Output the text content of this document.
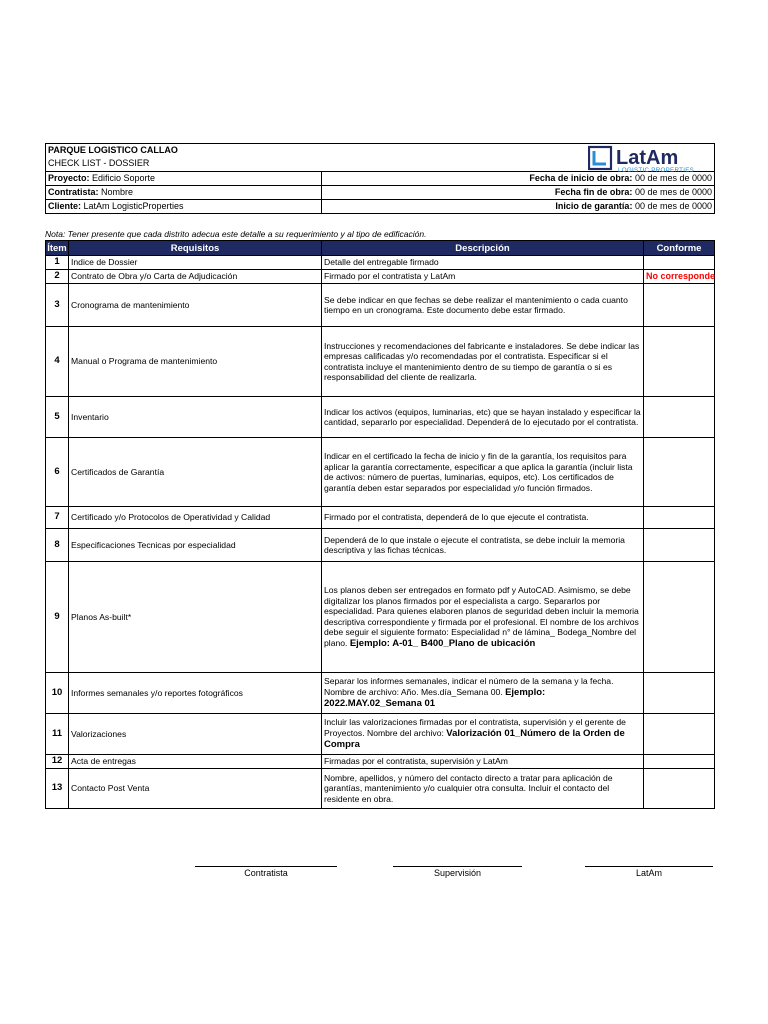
PARQUE LOGISTICO CALLAO	
CHECK LIST - DOSSIER	
Proyecto: Edificio Soporte	Fecha de inicio de obra: 00 de mes de 0000
Contratista: Nombre	Fecha fin de obra: 00 de mes de 0000
Cliente: LatAm LogisticProperties	Inicio de garantía: 00 de mes de 0000
LatAm
LOGISTIC PROPERTIES
Nota: Tener presente que cada distrito adecua este detalle a su requerimiento y al tipo de edificación.
Ítem	Requisitos	Descripción	Conforme
1	Indice de Dossier	Detalle del entregable firmado	
2	Contrato de Obra y/o Carta de Adjudicación	Firmado por el contratista y LatAm	No corresponde
3	Cronograma de mantenimiento	Se debe indicar en que fechas se debe realizar el mantenimiento o cada cuanto tiempo en un cronograma. Este documento debe estar firmado.	
4	Manual o Programa de mantenimiento	Instrucciones y recomendaciones del fabricante e instaladores. Se debe indicar las empresas calificadas y/o recomendadas por el contratista. Especificar si el contratista incluye el mantenimiento dentro de su tiempo de garantía o si es responsabilidad del cliente de realizarla.	
5	Inventario	Indicar los activos (equipos, luminarias, etc) que se hayan instalado y especificar la cantidad, separarlo por especialidad. Dependerá de lo ejecutado por el contratista.	
6	Certificados de Garantía	Indicar en el certificado la fecha de inicio y fin de la garantía, los requisitos para aplicar la garantía correctamente, especificar a que aplica la garantía (incluir lista de activos: número de puertas, luminarias, equipos, etc). Los certificados de garantía deben estar separados por especialidad y/o función firmados.	
7	Certificado y/o Protocolos de Operatividad y Calidad	Firmado por el contratista, dependerá de lo que ejecute el contratista.	
8	Especificaciones Tecnicas por especialidad	Dependerá de lo que instale o ejecute el contratista, se debe incluir la memoria descriptiva y las fichas técnicas.	
9	Planos As-built*	Los planos deben ser entregados en formato pdf y AutoCAD. Asimismo, se debe digitalizar los planos firmados por el especialista a cargo. Separarlos por especialidad. Para quienes elaboren planos de seguridad deben incluir la memoria descriptiva correspondiente y firmada por el profesional. El nombre de los archivos debe seguir el siguiente formato: Especialidad n° de lámina_ Bodega_Nombre del plano. Ejemplo: A-01_ B400_Plano de ubicación	
10	Informes semanales y/o reportes fotográficos	Separar los informes semanales, indicar el número de la semana y la fecha. Nombre de archivo: Año. Mes.día_Semana 00. Ejemplo: 2022.MAY.02_Semana 01	
11	Valorizaciones	Incluir las valorizaciones firmadas por el contratista, supervisión y el gerente de Proyectos. Nombre del archivo: Valorización 01_Número de la Orden de Compra	
12	Acta de entregas	Firmadas por el contratista, supervisión y LatAm	
13	Contacto Post Venta	Nombre, apellidos, y número del contacto directo a tratar para aplicación de garantías, mantenimiento y/o cualquier otra consulta. Incluir el contacto del residente en obra.	
Contratista	Supervisión	LatAm
